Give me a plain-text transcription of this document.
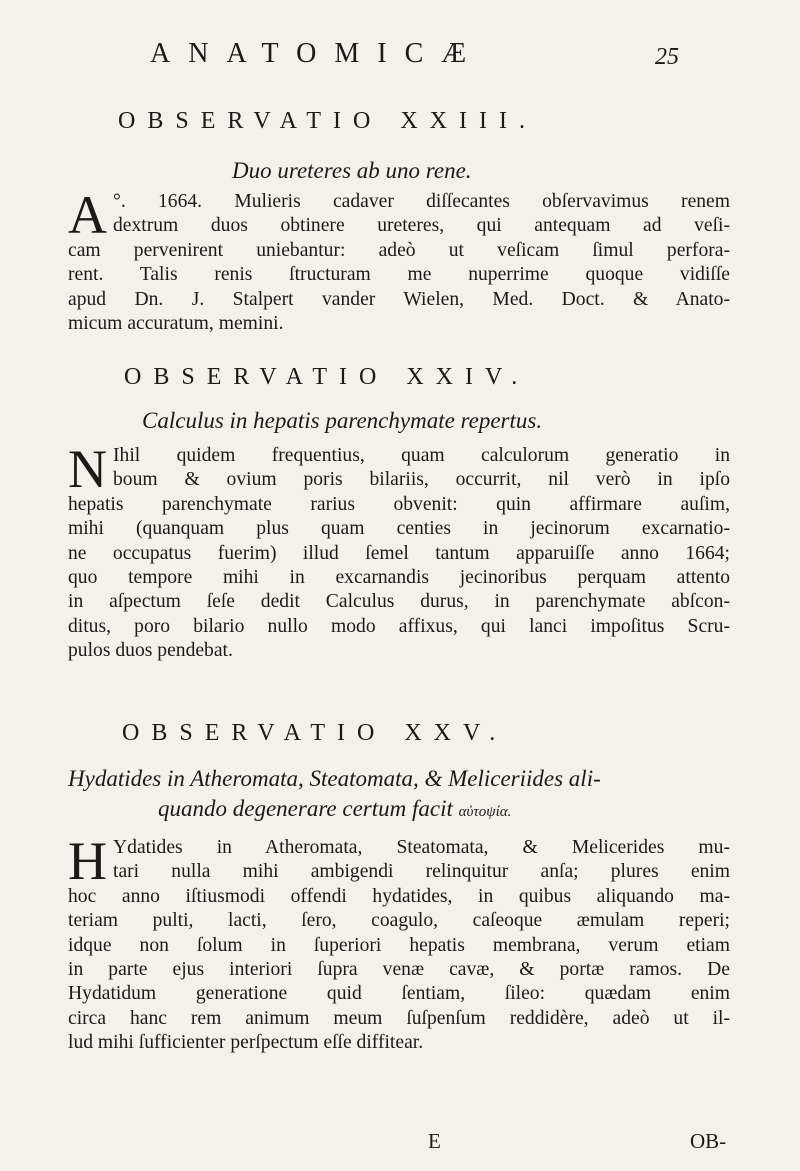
ANATOMICÆ	25
OBSERVATIO XXIII.
Duo ureteres ab uno rene.
A °. 1664. Mulieris cadaver diſſecantes obſervavimus renem
dextrum duos obtinere ureteres, qui antequam ad veſi-
cam pervenirent uniebantur: adeò ut veſicam ſimul perfora-
rent. Talis renis ſtructuram me nuperrime quoque vidiſſe
apud Dn. J. Stalpert vander Wielen, Med. Doct. & Anato-
micum accuratum, memini.
OBSERVATIO XXIV.
Calculus in hepatis parenchymate repertus.
N Ihil quidem frequentius, quam calculorum generatio in
boum & ovium poris bilariis, occurrit, nil verò in ipſo
hepatis parenchymate rarius obvenit: quin affirmare auſim,
mihi (quanquam plus quam centies in jecinorum excarnatio-
ne occupatus fuerim) illud ſemel tantum apparuiſſe anno 1664;
quo tempore mihi in excarnandis jecinoribus perquam attento
in aſpectum ſeſe dedit Calculus durus, in parenchymate abſcon-
ditus, poro bilario nullo modo affixus, qui lanci impoſitus Scru-
pulos duos pendebat.
OBSERVATIO XXV.
Hydatides in Atheromata, Steatomata, & Meliceriides ali-
quando degenerare certum facit αὐτοψία.
H Ydatides in Atheromata, Steatomata, & Melicerides mu-
tari nulla mihi ambigendi relinquitur anſa; plures enim
hoc anno iſtiusmodi offendi hydatides, in quibus aliquando ma-
teriam pulti, lacti, ſero, coagulo, caſeoque æmulam reperi;
idque non ſolum in ſuperiori hepatis membrana, verum etiam
in parte ejus interiori ſupra venæ cavæ, & portæ ramos. De
Hydatidum generatione quid ſentiam, ſileo: quædam enim
circa hanc rem animum meum ſuſpenſum reddidère, adeò ut il-
lud mihi ſufficienter perſpectum eſſe diffitear.
E	OB-
